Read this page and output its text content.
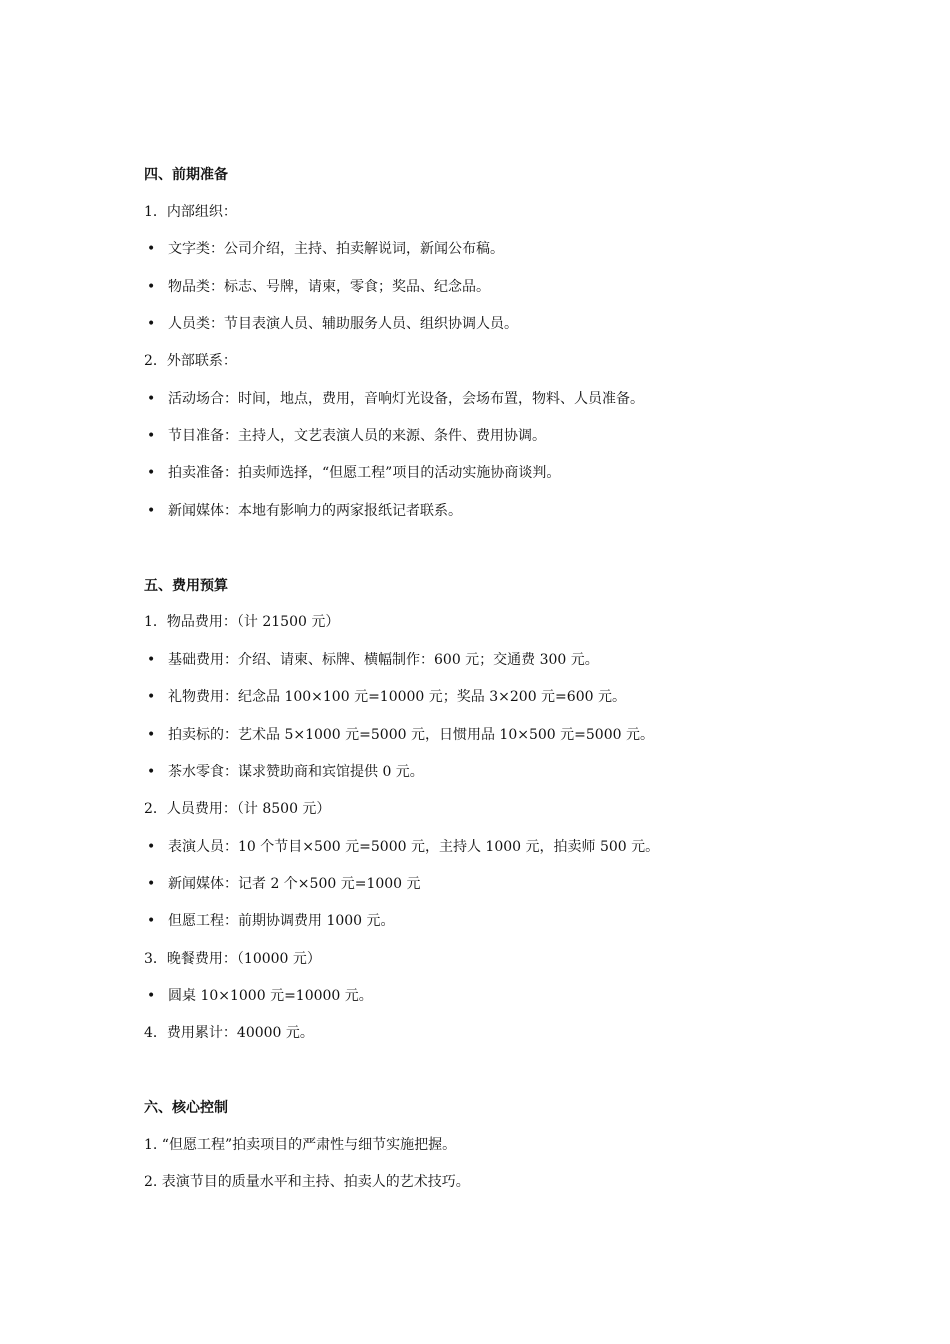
四、前期准备
1．内部组织：
• 文字类：公司介绍，主持、拍卖解说词，新闻公布稿。
• 物品类：标志、号牌，请柬，零食；奖品、纪念品。
• 人员类：节目表演人员、辅助服务人员、组织协调人员。
2．外部联系：
• 活动场合：时间，地点，费用，音响灯光设备，会场布置，物料、人员准备。
• 节目准备：主持人，文艺表演人员的来源、条件、费用协调。
• 拍卖准备：拍卖师选择，“但愿工程”项目的活动实施协商谈判。
• 新闻媒体：本地有影响力的两家报纸记者联系。
五、费用预算
1．物品费用：（计 21500 元）
• 基础费用：介绍、请柬、标牌、横幅制作：600 元；交通费 300 元。
• 礼物费用：纪念品 100×100 元=10000 元；奖品 3×200 元=600 元。
• 拍卖标的：艺术品 5×1000 元=5000 元，日惯用品 10×500 元=5000 元。
• 茶水零食：谋求赞助商和宾馆提供 0 元。
2．人员费用：（计 8500 元）
• 表演人员：10 个节目×500 元=5000 元，主持人 1000 元，拍卖师 500 元。
• 新闻媒体：记者 2 个×500 元=1000 元
• 但愿工程：前期协调费用 1000 元。
3．晚餐费用：（10000 元）
• 圆桌 10×1000 元=10000 元。
4．费用累计：40000 元。
六、核心控制
1. “但愿工程”拍卖项目的严肃性与细节实施把握。
2. 表演节目的质量水平和主持、拍卖人的艺术技巧。
